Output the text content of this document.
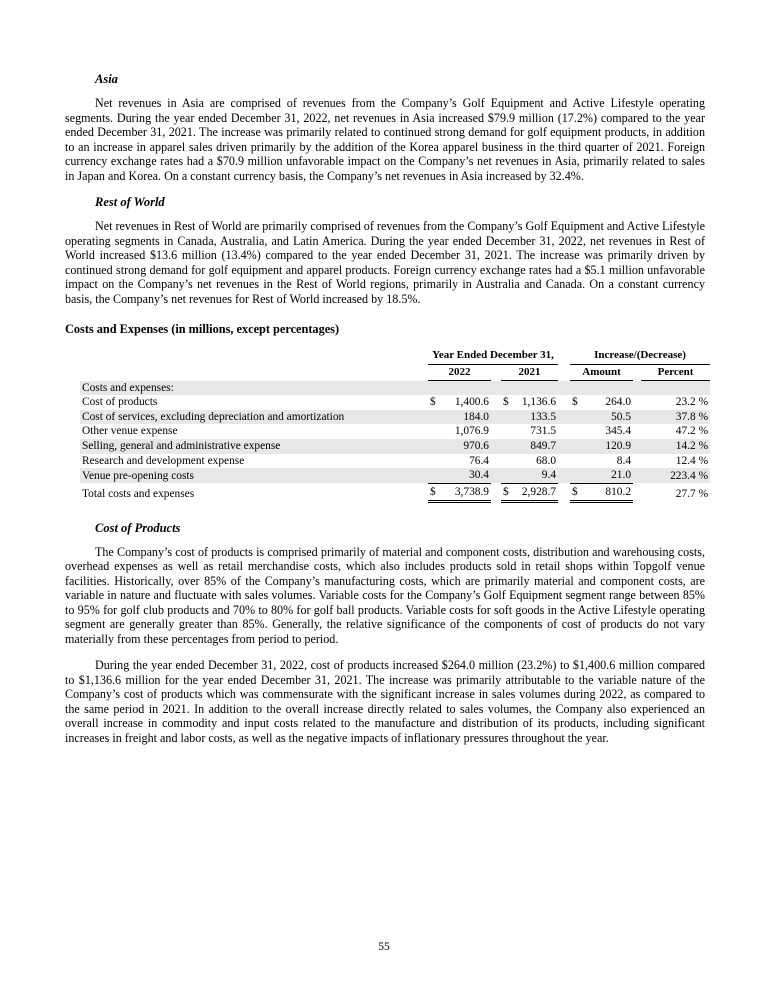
Asia

Net revenues in Asia are comprised of revenues from the Company’s Golf Equipment and Active Lifestyle operating segments. During the year ended December 31, 2022, net revenues in Asia increased $79.9 million (17.2%) compared to the year ended December 31, 2021. The increase was primarily related to continued strong demand for golf equipment products, in addition to an increase in apparel sales driven primarily by the addition of the Korea apparel business in the third quarter of 2021. Foreign currency exchange rates had a $70.9 million unfavorable impact on the Company’s net revenues in Asia, primarily related to sales in Japan and Korea. On a constant currency basis, the Company’s net revenues in Asia increased by 32.4%.

Rest of World

Net revenues in Rest of World are primarily comprised of revenues from the Company’s Golf Equipment and Active Lifestyle operating segments in Canada, Australia, and Latin America. During the year ended December 31, 2022, net revenues in Rest of World increased $13.6 million (13.4%) compared to the year ended December 31, 2021. The increase was primarily driven by continued strong demand for golf equipment and apparel products. Foreign currency exchange rates had a $5.1 million unfavorable impact on the Company’s net revenues in the Rest of World regions, primarily in Australia and Canada. On a constant currency basis, the Company’s net revenues for Rest of World increased by 18.5%.

Costs and Expenses (in millions, except percentages)
	Year Ended December 31,						Increase/(Decrease)			
	2022			2021			Amount			Percent
Costs and expenses:										
Cost of products	$	1,400.6		$	1,136.6		$	264.0		23.2 %
Cost of services, excluding depreciation and amortization		184.0			133.5			50.5		37.8 %
Other venue expense		1,076.9			731.5			345.4		47.2 %
Selling, general and administrative expense		970.6			849.7			120.9		14.2 %
Research and development expense		76.4			68.0			8.4		12.4 %
Venue pre-opening costs		30.4			9.4			21.0		223.4 %
Total costs and expenses	$	3,738.9		$	2,928.7		$	810.2		27.7 %
Cost of Products

The Company’s cost of products is comprised primarily of material and component costs, distribution and warehousing costs, overhead expenses as well as retail merchandise costs, which also includes products sold in retail shops within Topgolf venue facilities. Historically, over 85% of the Company’s manufacturing costs, which are primarily material and component costs, are variable in nature and fluctuate with sales volumes. Variable costs for the Company’s Golf Equipment segment range between 85% to 95% for golf club products and 70% to 80% for golf ball products. Variable costs for soft goods in the Active Lifestyle operating segment are generally greater than 85%. Generally, the relative significance of the components of cost of products do not vary materially from these percentages from period to period.

During the year ended December 31, 2022, cost of products increased $264.0 million (23.2%) to $1,400.6 million compared to $1,136.6 million for the year ended December 31, 2021. The increase was primarily attributable to the variable nature of the Company’s cost of products which was commensurate with the significant increase in sales volumes during 2022, as compared to the same period in 2021. In addition to the overall increase directly related to sales volumes, the Company also experienced an overall increase in commodity and input costs related to the manufacture and distribution of its products, including significant increases in freight and labor costs, as well as the negative impacts of inflationary pressures throughout the year.

55
